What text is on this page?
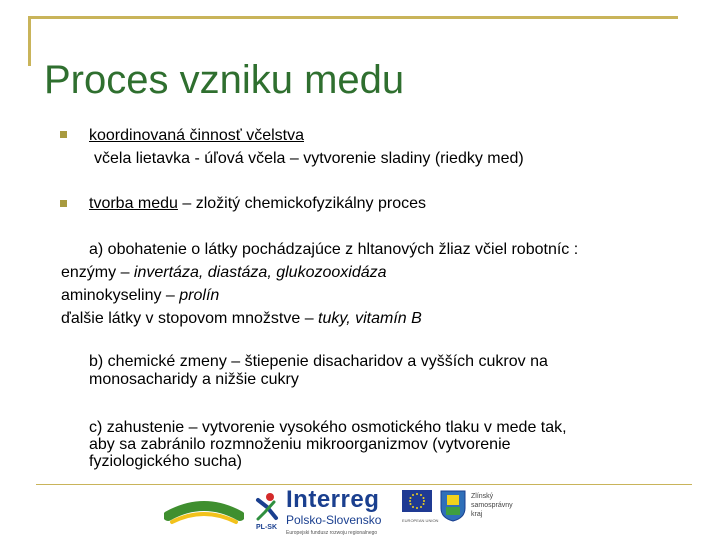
Proces vzniku medu
koordinovaná činnosť včelstva
včela lietavka - úľová včela – vytvorenie sladiny (riedky med)
tvorba medu – zložitý chemickofyzikálny proces
a) obohatenie o látky pochádzajúce z hltanových žliaz včiel robotníc :
enzýmy – invertáza, diastáza, glukozooxidáza
aminokyseliny – prolín
ďalšie látky v stopovom množstve – tuky, vitamín B
b) chemické zmeny – štiepenie disacharidov a vyšších cukrov na
monosacharidy a nižšie cukry
c) zahustenie – vytvorenie vysokého osmotického tlaku v mede tak,
aby sa zabránilo rozmnoženiu mikroorganizmov (vytvorenie
fyziologického sucha)
PL-SK
Interreg
Polsko-Slovensko
Europejski fundusz rozwoju regionalnego
EUROPEAN UNION
Zlínský
samosprávny
kraj
